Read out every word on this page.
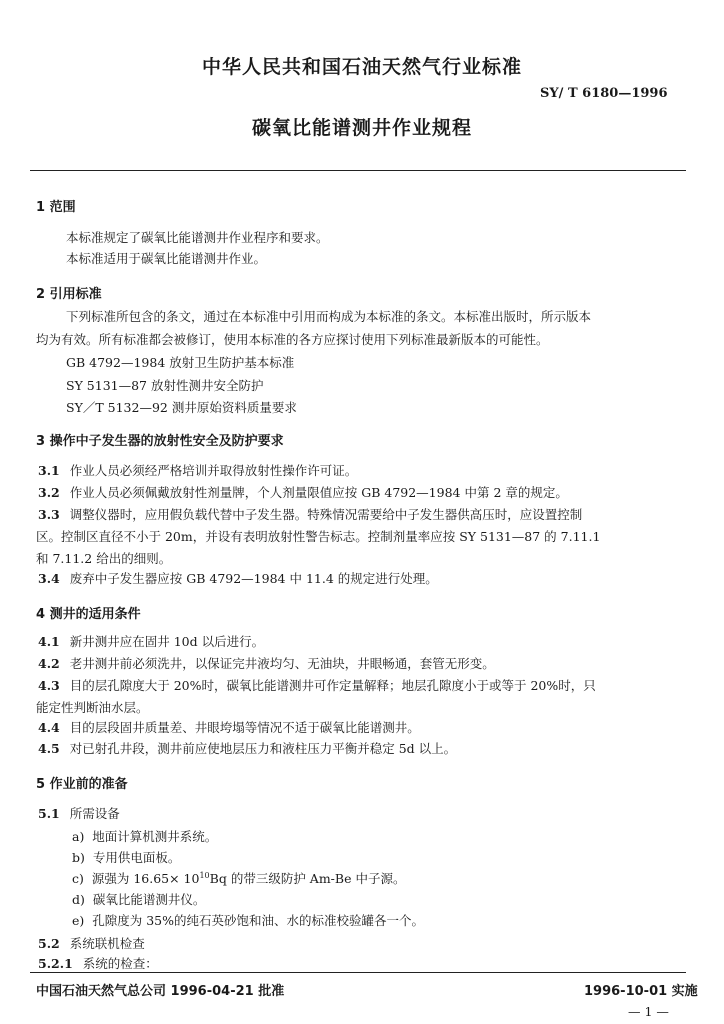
中华人民共和国石油天然气行业标准
SY/ T 6180—1996
碳氧比能谱测井作业规程
1 范围
本标准规定了碳氧比能谱测井作业程序和要求。
本标准适用于碳氧比能谱测井作业。
2 引用标准
下列标准所包含的条文，通过在本标准中引用而构成为本标准的条文。本标准出版时，所示版本
均为有效。所有标准都会被修订，使用本标准的各方应探讨使用下列标准最新版本的可能性。
GB 4792—1984 放射卫生防护基本标准
SY 5131—87 放射性测井安全防护
SY／T 5132—92 测井原始资料质量要求
3 操作中子发生器的放射性安全及防护要求
3.1 作业人员必须经严格培训并取得放射性操作许可证。
3.2 作业人员必须佩戴放射性剂量牌，个人剂量限值应按 GB 4792—1984 中第 2 章的规定。
3.3 调整仪器时，应用假负载代替中子发生器。特殊情况需要给中子发生器供高压时，应设置控制
区。控制区直径不小于 20m，并设有表明放射性警告标志。控制剂量率应按 SY 5131—87 的 7.11.1
和 7.11.2 给出的细则。
3.4 废弃中子发生器应按 GB 4792—1984 中 11.4 的规定进行处理。
4 测井的适用条件
4.1 新井测井应在固井 10d 以后进行。
4.2 老井测井前必须洗井，以保证完井液均匀、无油块，井眼畅通，套管无形变。
4.3 目的层孔隙度大于 20%时，碳氧比能谱测井可作定量解释；地层孔隙度小于或等于 20%时，只
能定性判断油水层。
4.4 目的层段固井质量差、井眼垮塌等情况不适于碳氧比能谱测井。
4.5 对已射孔井段，测井前应使地层压力和液柱压力平衡并稳定 5d 以上。
5 作业前的准备
5.1 所需设备
a) 地面计算机测井系统。
b) 专用供电面板。
c) 源强为 $16.65\times 10^{10}Bq$ 的带三级防护 Am-Be 中子源。
d) 碳氧比能谱测井仪。
e) 孔隙度为 35%的纯石英砂饱和油、水的标准校验罐各一个。
5.2 系统联机检查
5.2.1 系统的检查：
中国石油天然气总公司 1996-04-21 批准	1996-10-01 实施
— 1 —
